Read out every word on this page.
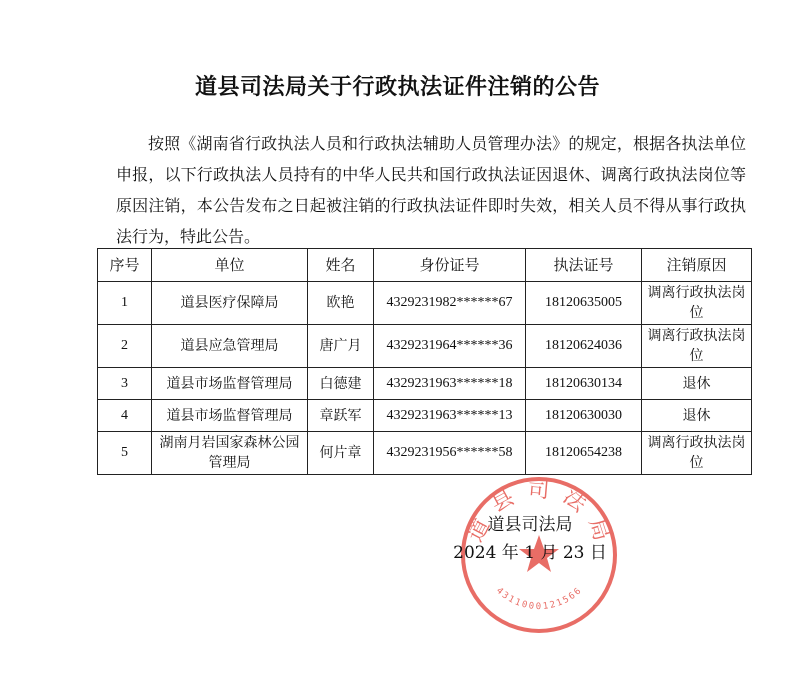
道县司法局关于行政执法证件注销的公告
按照《湖南省行政执法人员和行政执法辅助人员管理办法》的规定，根据各执法单位申报，以下行政执法人员持有的中华人民共和国行政执法证因退休、调离行政执法岗位等原因注销，本公告发布之日起被注销的行政执法证件即时失效，相关人员不得从事行政执法行为，特此公告。
序号	单位	姓名	身份证号	执法证号	注销原因
1	道县医疗保障局	欧艳	4329231982******67	18120635005	调离行政执法岗位
2	道县应急管理局	唐广月	4329231964******36	18120624036	调离行政执法岗位
3	道县市场监督管理局	白德建	4329231963******18	18120630134	退休
4	道县市场监督管理局	章跃军	4329231963******13	18120630030	退休
5	湖南月岩国家森林公园管理局	何片章	4329231956******58	18120654238	调离行政执法岗位
道县司法局
4311000121566
道县司法局
2024 年 1 月 23 日
